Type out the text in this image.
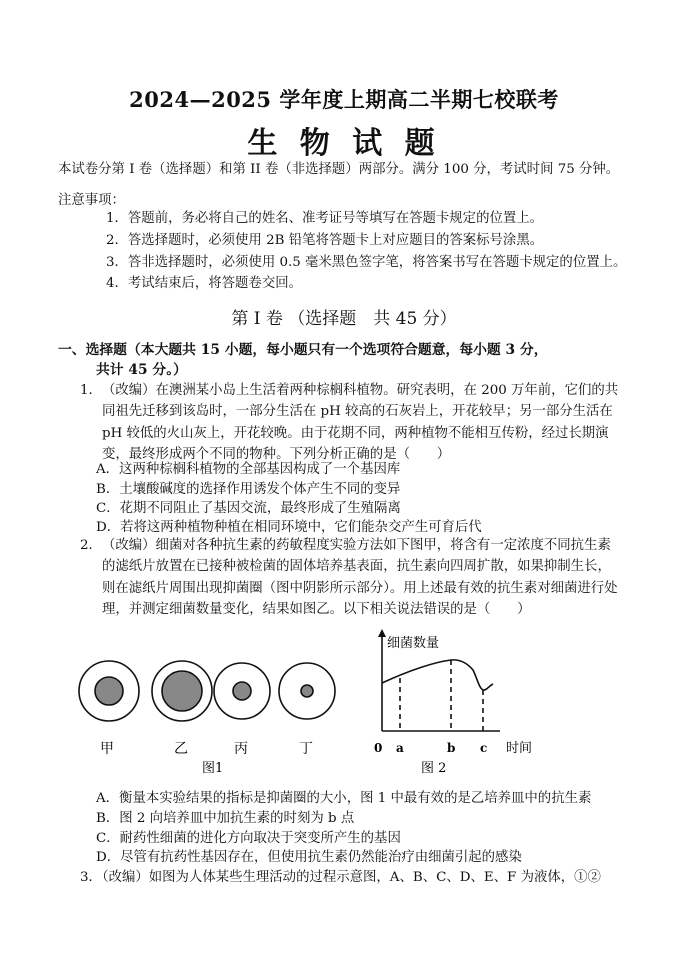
2024—2025 学年度上期高二半期七校联考
生 物 试 题
本试卷分第 I 卷（选择题）和第 II 卷（非选择题）两部分。满分 100 分，考试时间 75 分钟。
注意事项：
1．答题前，务必将自己的姓名、准考证号等填写在答题卡规定的位置上。
2．答选择题时，必须使用 2B 铅笔将答题卡上对应题目的答案标号涂黑。
3．答非选择题时，必须使用 0.5 毫米黑色签字笔，将答案书写在答题卡规定的位置上。
4．考试结束后，将答题卷交回。
第 I 卷 （选择题　共 45 分）
一、选择题（本大题共 15 小题，每小题只有一个选项符合题意，每小题 3 分，
共计 45 分。）
1． （改编）在澳洲某小岛上生活着两种棕榈科植物。研究表明，在 200 万年前，它们的共同祖先迁移到该岛时，一部分生活在 pH 较高的石灰岩上，开花较早；另一部分生活在 pH 较低的火山灰上，开花较晚。由于花期不同，两种植物不能相互传粉，经过长期演变，最终形成两个不同的物种。下列分析正确的是（　　）
A．这两种棕榈科植物的全部基因构成了一个基因库
B．土壤酸碱度的选择作用诱发个体产生不同的变异
C．花期不同阻止了基因交流，最终形成了生殖隔离
D．若将这两种植物种植在相同环境中，它们能杂交产生可育后代
2． （改编）细菌对各种抗生素的药敏程度实验方法如下图甲，将含有一定浓度不同抗生素的滤纸片放置在已接种被检菌的固体培养基表面，抗生素向四周扩散，如果抑制生长，则在滤纸片周围出现抑菌圈（图中阴影所示部分）。用上述最有效的抗生素对细菌进行处理，并测定细菌数量变化，结果如图乙。以下相关说法错误的是（　　）
甲	乙	丙	丁
图1
细菌数量
0 a	b c 时间
图 2
A．衡量本实验结果的指标是抑菌圈的大小，图 1 中最有效的是乙培养皿中的抗生素
B．图 2 向培养皿中加抗生素的时刻为 b 点
C．耐药性细菌的进化方向取决于突变所产生的基因
D．尽管有抗药性基因存在，但使用抗生素仍然能治疗由细菌引起的感染
3．（改编）如图为人体某些生理活动的过程示意图，A、B、C、D、E、F 为液体，①②
